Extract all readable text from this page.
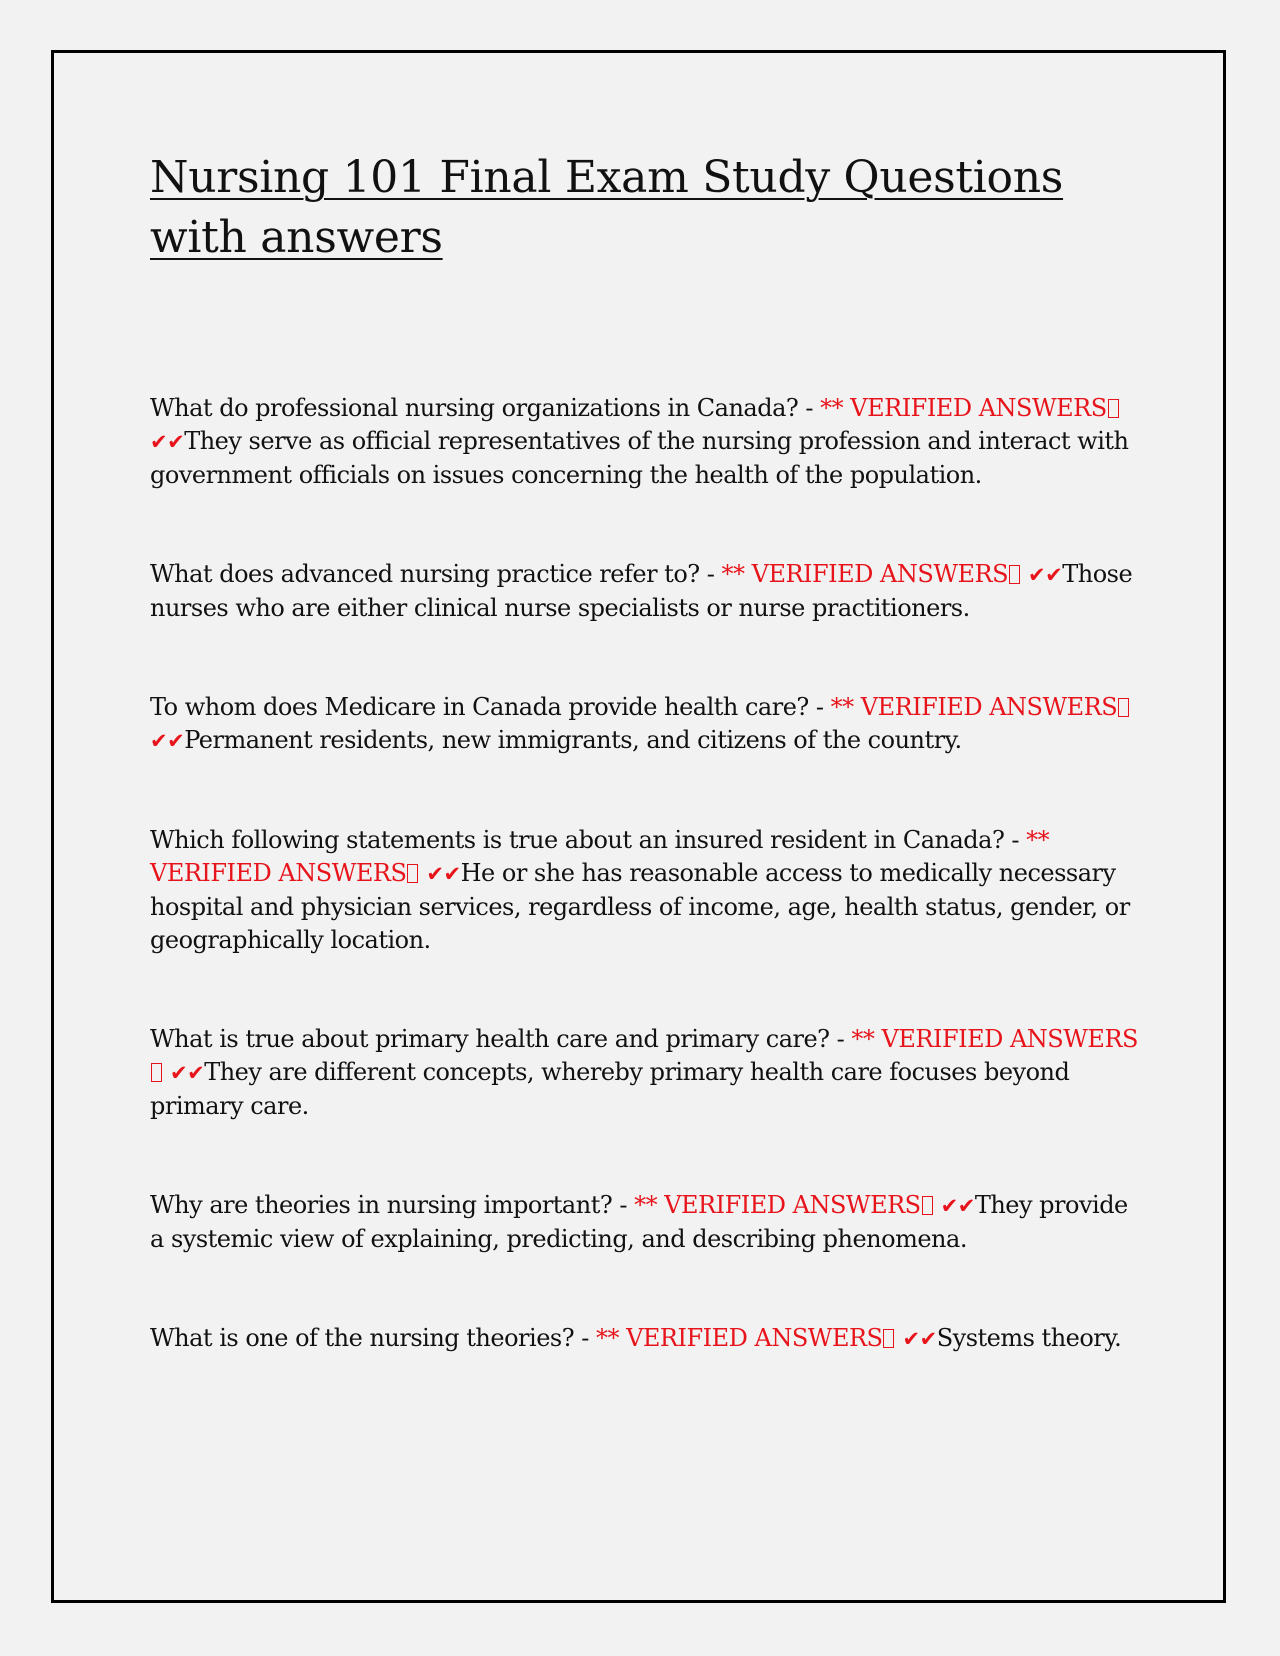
Nursing 101 Final Exam Study Questions with answers

What do professional nursing organizations in Canada? - ** VERIFIED ANSWERS✔✔They serve as official representatives of the nursing profession and interact with government officials on issues concerning the health of the population.

What does advanced nursing practice refer to? - ** VERIFIED ANSWERS ✔✔Those nurses who are either clinical nurse specialists or nurse practitioners.

To whom does Medicare in Canada provide health care? - ** VERIFIED ANSWERS✔✔Permanent residents, new immigrants, and citizens of the country.

Which following statements is true about an insured resident in Canada? - ** VERIFIED ANSWERS ✔✔He or she has reasonable access to medically necessary hospital and physician services, regardless of income, age, health status, gender, or geographically location.

What is true about primary health care and primary care? - ** VERIFIED ANSWERS✔✔They are different concepts, whereby primary health care focuses beyond primary care.

Why are theories in nursing important? - ** VERIFIED ANSWERS ✔✔They provide a systemic view of explaining, predicting, and describing phenomena.

What is one of the nursing theories? - ** VERIFIED ANSWERS ✔✔Systems theory.
